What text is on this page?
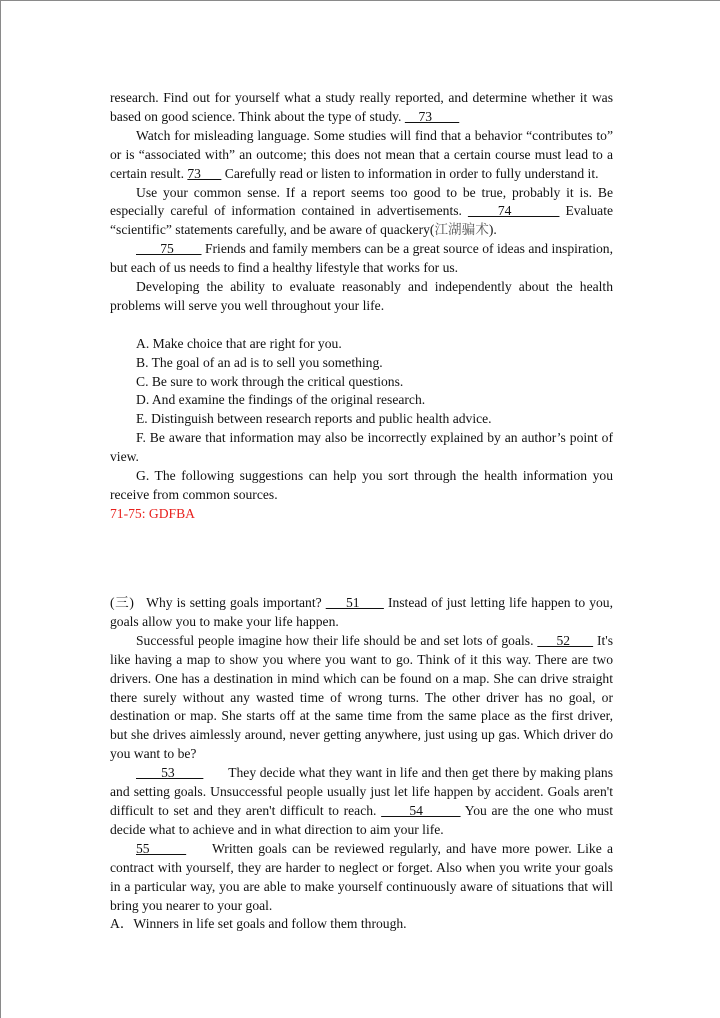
research. Find out for yourself what a study really reported, and determine whether it was based on good science. Think about the type of study.     73

Watch for misleading language. Some studies will find that a behavior “contributes to” or is “associated with” an outcome; this does not mean that a certain course must lead to a certain result. 73       Carefully read or listen to information in order to fully understand it.

Use your common sense. If a report seems too good to be true, probably it is. Be especially careful of information contained in advertisements.      74         Evaluate “scientific” statements carefully, and be aware of quackery(江湖骗术).

75         Friends and family members can be a great source of ideas and inspiration, but each of us needs to find a healthy lifestyle that works for us.

Developing the ability to evaluate reasonably and independently about the health problems will serve you well throughout your life.

A. Make choice that are right for you.

B. The goal of an ad is to sell you something.

C. Be sure to work through the critical questions.

D. And examine the findings of the original research.

E. Distinguish between research reports and public health advice.

F. Be aware that information may also be incorrectly explained by an author’s point of view.

G. The following suggestions can help you sort through the health information you receive from common sources.

71-75: GDFBA

(三)   Why is setting goals important?      51       Instead of just letting life happen to you, goals allow you to make your life happen.

Successful people imagine how their life should be and set lots of goals.      52       It's like having a map to show you where you want to go. Think of it this way. There are two drivers. One has a destination in mind which can be found on a map. She can drive straight there surely without any wasted time of wrong turns. The other driver has no goal, or destination or map. She starts off at the same time from the same place as the first driver, but she drives aimlessly around, never getting anywhere, just using up gas. Which driver do you want to be?

53               They decide what they want in life and then get there by making plans and setting goals. Unsuccessful people usually just let life happen by accident. Goals aren't difficult to set and they aren't difficult to reach.       54         You are the one who must decide what to achieve and in what direction to aim your life.

55            Written goals can be reviewed regularly, and have more power. Like a contract with yourself, they are harder to neglect or forget. Also when you write your goals in a particular way, you are able to make yourself continuously aware of situations that will bring you nearer to your goal.

A．Winners in life set goals and follow them through.
